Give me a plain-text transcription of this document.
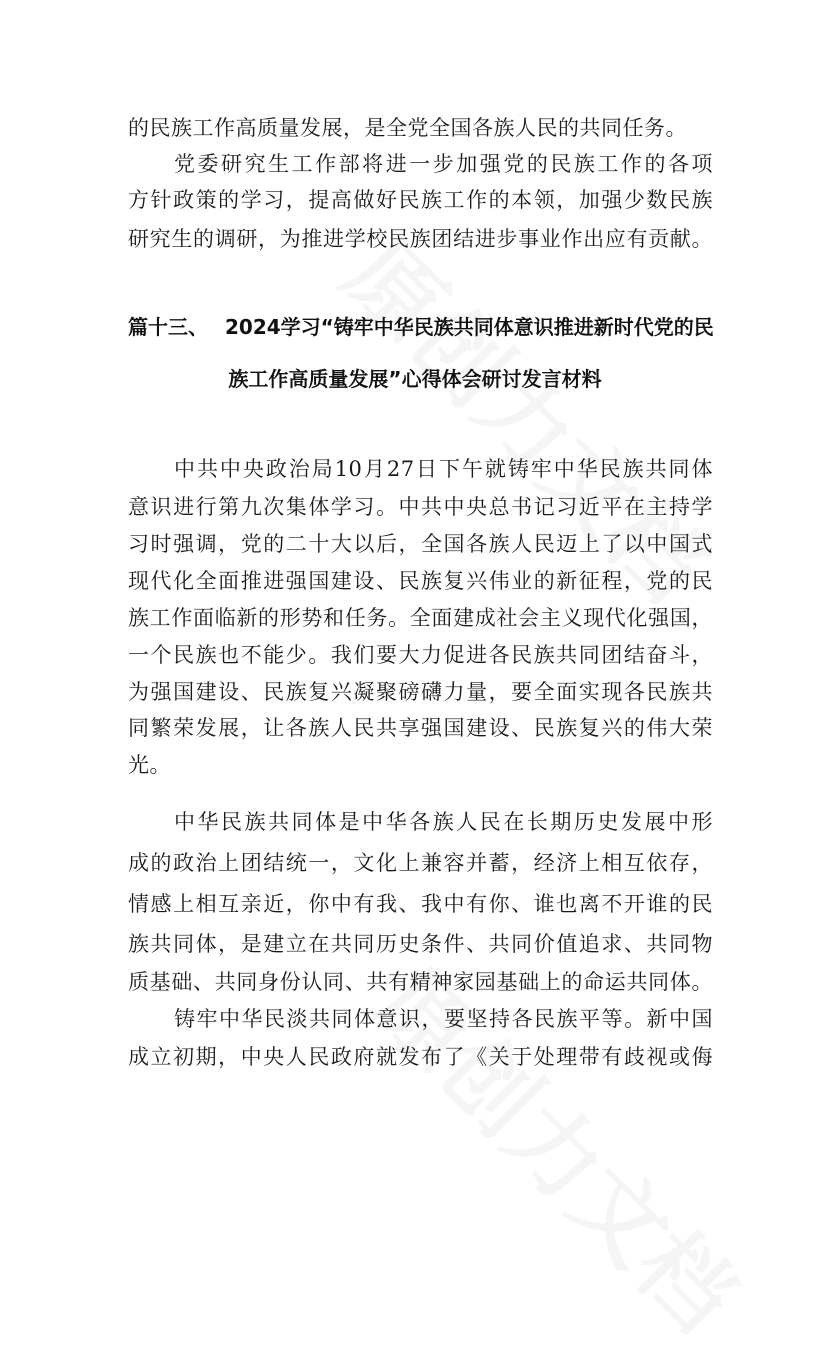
的民族工作高质量发展，是全党全国各族人民的共同任务。
党委研究生工作部将进一步加强党的民族工作的各项
方针政策的学习，提高做好民族工作的本领，加强少数民族
研究生的调研，为推进学校民族团结进步事业作出应有贡献。
篇十三、 2024学习“铸牢中华民族共同体意识推进新时代党的民
族工作高质量发展”心得体会研讨发言材料
中共中央政治局10月27日下午就铸牢中华民族共同体
意识进行第九次集体学习。中共中央总书记习近平在主持学
习时强调，党的二十大以后，全国各族人民迈上了以中国式
现代化全面推进强国建设、民族复兴伟业的新征程，党的民
族工作面临新的形势和任务。全面建成社会主义现代化强国，
一个民族也不能少。我们要大力促进各民族共同团结奋斗，
为强国建设、民族复兴凝聚磅礴力量，要全面实现各民族共
同繁荣发展，让各族人民共享强国建设、民族复兴的伟大荣
光。
中华民族共同体是中华各族人民在长期历史发展中形
成的政治上团结统一，文化上兼容并蓄，经济上相互依存，
情感上相互亲近，你中有我、我中有你、谁也离不开谁的民
族共同体，是建立在共同历史条件、共同价值追求、共同物
质基础、共同身份认同、共有精神家园基础上的命运共同体。
铸牢中华民淡共同体意识，要坚持各民族平等。新中国
成立初期，中央人民政府就发布了《关于处理带有歧视或侮
